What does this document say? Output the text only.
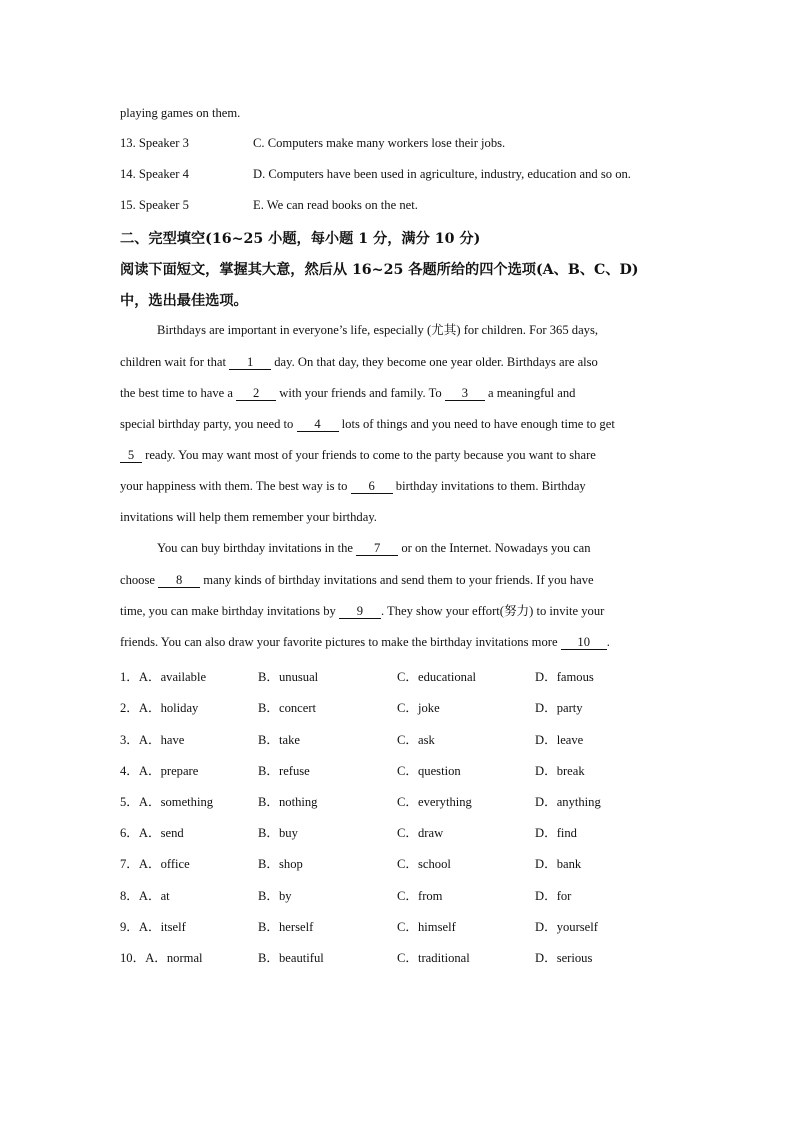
playing games on them.
13. Speaker 3	C. Computers make many workers lose their jobs.
14. Speaker 4	D. Computers have been used in agriculture, industry, education and so on.
15. Speaker 5	E. We can read books on the net.
二、完型填空(16~25 小题，每小题 1 分，满分 10 分)
阅读下面短文，掌握其大意，然后从 16~25 各题所给的四个选项(A、B、C、D)
中，选出最佳选项。
Birthdays are important in everyone’s life, especially (尤其) for children. For 365 days,
children wait for that 1 day. On that day, they become one year older. Birthdays are also
the best time to have a 2 with your friends and family. To 3 a meaningful and
special birthday party, you need to 4 lots of things and you need to have enough time to get
5 ready. You may want most of your friends to come to the party because you want to share
your happiness with them. The best way is to 6 birthday invitations to them. Birthday
invitations will help them remember your birthday.
You can buy birthday invitations in the 7 or on the Internet. Nowadays you can
choose 8 many kinds of birthday invitations and send them to your friends. If you have
time, you can make birthday invitations by 9 . They show your effort(努力) to invite your
friends. You can also draw your favorite pictures to make the birthday invitations more 10 .
1．A．available	B．unusual	C．educational	D．famous
2．A．holiday	B．concert	C．joke	D．party
3．A．have	B．take	C．ask	D．leave
4．A．prepare	B．refuse	C．question	D．break
5．A．something	B．nothing	C．everything	D．anything
6．A．send	B．buy	C．draw	D．find
7．A．office	B．shop	C．school	D．bank
8．A．at	B．by	C．from	D．for
9．A．itself	B．herself	C．himself	D．yourself
10．A．normal	B．beautiful	C．traditional	D．serious
